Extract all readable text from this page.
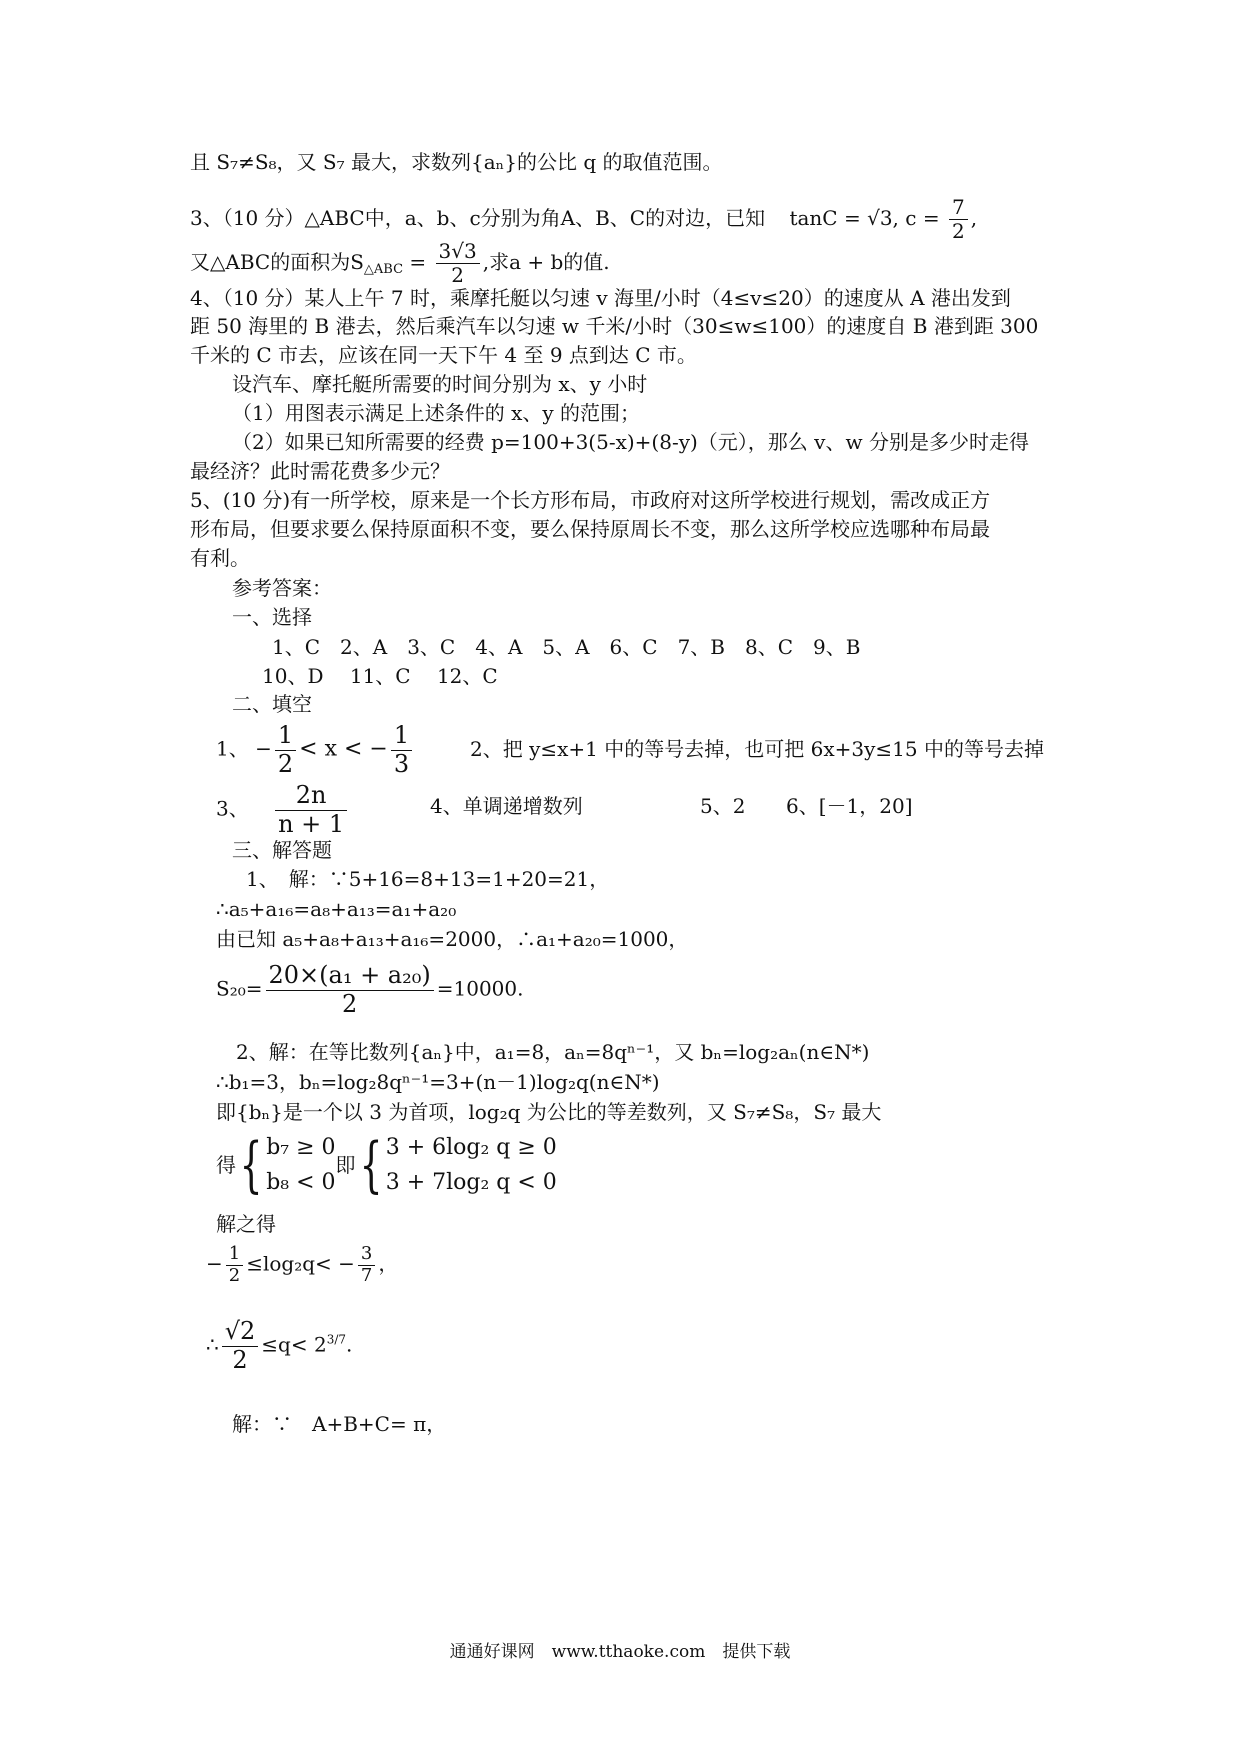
且 S₇≠S₈，又 S₇ 最大，求数列{aₙ}的公比 q 的取值范围。
3、（10 分）△ABC中，a、b、c分别为角A、B、C的对边，已知 tanC = √3, $c = \frac{7}{2}$ ,
又△ABC的面积为$S_{\triangle ABC} = \frac{3√3}{2}$ ,求a + b的值.
4、（10 分）某人上午 7 时，乘摩托艇以匀速 v 海里/小时（4≤v≤20）的速度从 A 港出发到
距 50 海里的 B 港去，然后乘汽车以匀速 w 千米/小时（30≤w≤100）的速度自 B 港到距 300
千米的 C 市去，应该在同一天下午 4 至 9 点到达 C 市。
设汽车、摩托艇所需要的时间分别为 x、y 小时
（1）用图表示满足上述条件的 x、y 的范围；
（2）如果已知所需要的经费 p=100+3(5-x)+(8-y)（元），那么 v、w 分别是多少时走得
最经济？此时需花费多少元？
5、(10 分)有一所学校，原来是一个长方形布局，市政府对这所学校进行规划，需改成正方
形布局，但要求要么保持原面积不变，要么保持原周长不变，那么这所学校应选哪种布局最
有利。
参考答案：
一、选择
1、C　2、A　3、C　4、A　5、A　6、C　7、B　8、C　9、B
10、D　 11、C　 12、C
二、填空
1、 − $\frac{1}{2} < x$ < − $\frac{1}{3}$	2、把 y≤x+1 中的等号去掉，也可把 6x+3y≤15 中的等号去掉
3、 $\frac{2n}{n + 1}$	4、单调递增数列	5、2 6、[－1，20]
三、解答题
1、　解：∵5+16=8+13=1+20=21，
∴a₅+a₁₆=a₈+a₁₃=a₁+a₂₀
由已知 a₅+a₈+a₁₃+a₁₆=2000，∴a₁+a₂₀=1000，
$S_{20}= \frac{\text{20×(a₁ + a₂₀)}}{2} =10000$.
2、解：在等比数列{aₙ}中，a₁=8，aₙ=8qⁿ⁻¹，又 bₙ=log₂aₙ(n∈N*)
∴b₁=3，bₙ=log₂8qⁿ⁻¹=3+(n－1)log₂q(n∈N*)
即{bₙ}是一个以 3 为首项，log₂q 为公比的等差数列，又 S₇≠S₈，S₇ 最大
得{ b₇ ≥ 0
b₈ < 0
即{ 3 + 6log₂ q ≥ 0
3 + 7log₂ q < 0
解之得
− $\frac{1}{2} \le\log_2q< - \frac{3}{7}$ ，
∴ $\frac{√2}{2} \le q< 2^{3/7}$.
解：∵　A+B+C= π，
通通好课网　www.tthaoke.com　提供下载
